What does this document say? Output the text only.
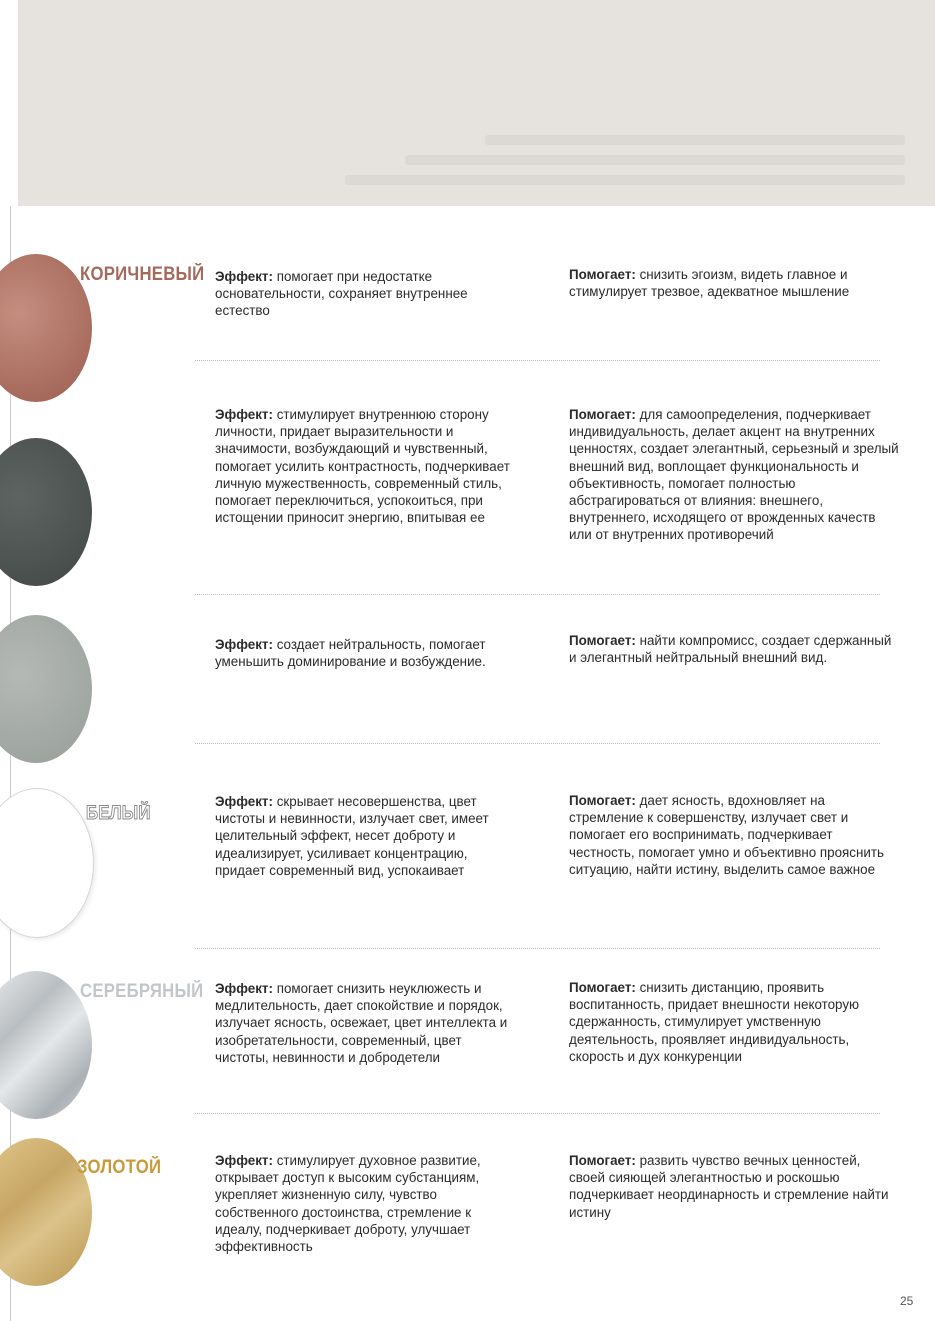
КОРИЧНЕВЫЙ Эффект: помогает при недостатке основательности, сохраняет внутреннее естество
Помогает: снизить эгоизм, видеть главное и стимулирует трезвое, адекватное мышление
ЧЕРНЫЙ
Эффект: стимулирует внутреннюю сторону личности, придает выразительности и значимости, возбуждающий и чувственный, помогает усилить контрастность, подчеркивает личную мужественность, современный стиль, помогает переключиться, успокоиться, при истощении приносит энергию, впитывая ее
Помогает: для самоопределения, подчеркивает индивидуальность, делает акцент на внутренних ценностях, создает элегантный, серьезный и зрелый внешний вид, воплощает функциональность и объективность, помогает полностью абстрагироваться от влияния: внешнего, внутреннего, исходящего от врожденных качеств или от внутренних противоречий
СЕРЫЙ	Эффект: создает нейтральность, помогает уменьшить доминирование и возбуждение.
Помогает: найти компромисс, создает сдержанный и элегантный нейтральный внешний вид.
БЕЛЫЙ
Эффект: скрывает несовершенства, цвет чистоты и невинности, излучает свет, имеет целительный эффект, несет доброту и идеализирует, усиливает концентрацию, придает современный вид, успокаивает
Помогает: дает ясность, вдохновляет на стремление к совершенству, излучает свет и помогает его воспринимать, подчеркивает честность, помогает умно и объективно прояснить ситуацию, найти истину, выделить самое важное
СЕРЕБРЯНЫЙ Эффект: помогает снизить неуклюжесть и медлительность, дает спокойствие и порядок, излучает ясность, освежает, цвет интеллекта и изобретательности, современный, цвет чистоты, невинности и добродетели
Помогает: снизить дистанцию, проявить воспитанность, придает внешности некоторую сдержанность, стимулирует умственную деятельность, проявляет индивидуальность, скорость и дух конкуренции
ЗОЛОТОЙ	Эффект: стимулирует духовное развитие, открывает доступ к высоким субстанциям, укрепляет жизненную силу, чувство собственного достоинства, стремление к идеалу, подчеркивает доброту, улучшает эффективность
Помогает: развить чувство вечных ценностей, своей сияющей элегантностью и роскошью подчеркивает неординарность и стремление найти истину
25
